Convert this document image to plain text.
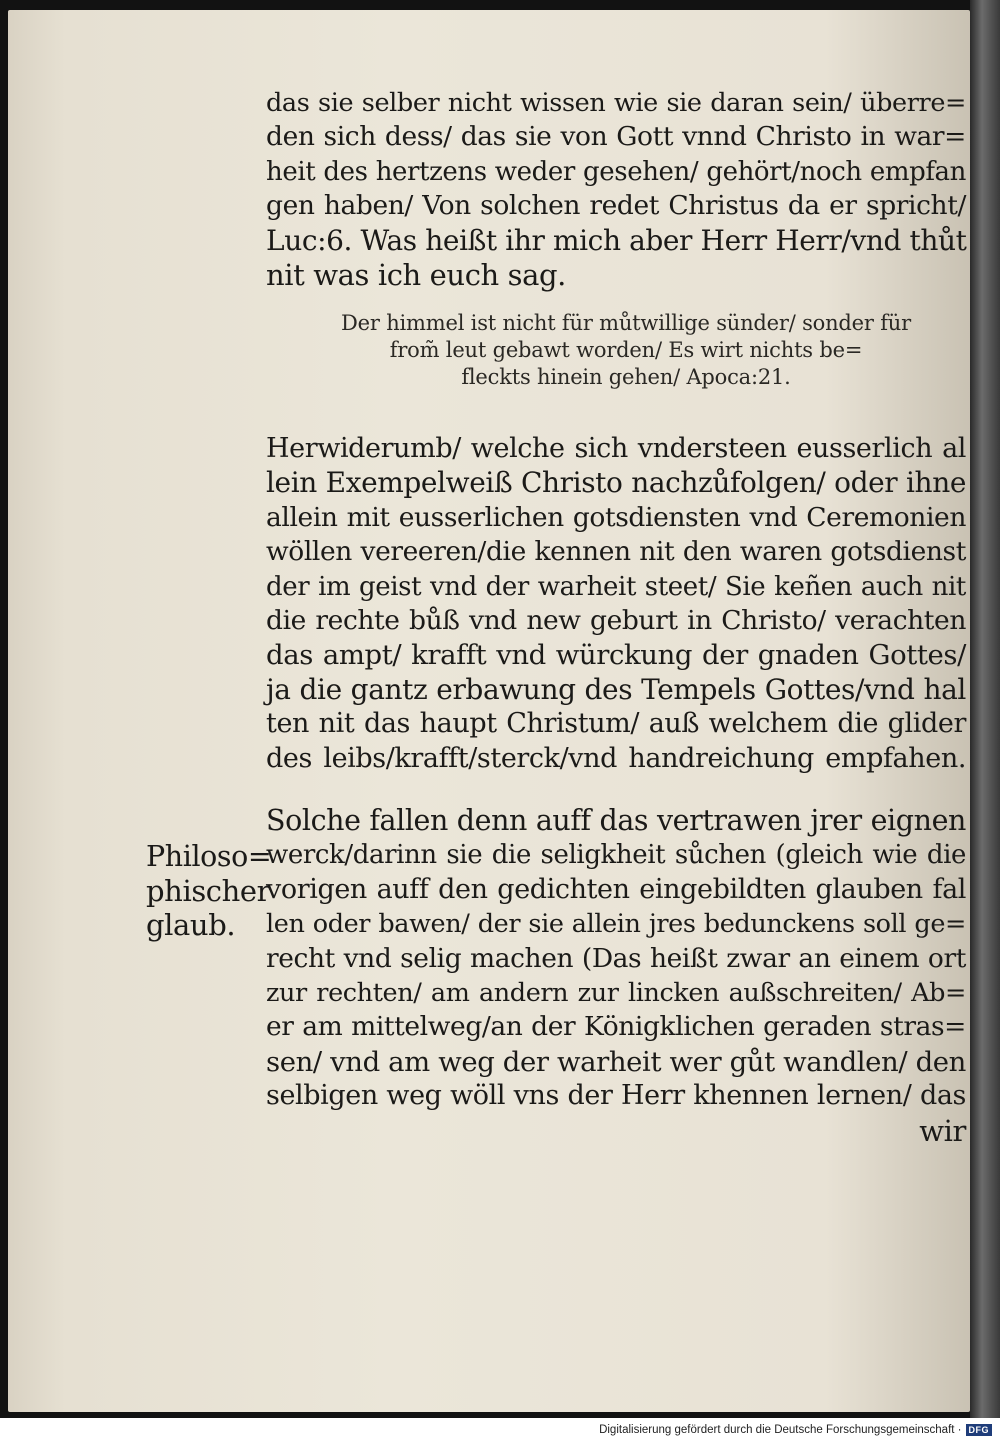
das sie selber nicht wissen wie sie daran sein/ überre=
den sich dess/ das sie von Gott vnnd Christo in war=
heit des hertzens weder gesehen/ gehört/noch empfan
gen haben/ Von solchen redet Christus da er spricht/
Luc:6. Was heißt ihr mich aber Herr Herr/vnd thůt
nit was ich euch sag.
Herwiderumb/ welche sich vndersteen eusserlich al
lein Exempelweiß Christo nachzůfolgen/ oder ihne
allein mit eusserlichen gotsdiensten vnd Ceremonien
wöllen vereeren/die kennen nit den waren gotsdienst
der im geist vnd der warheit steet/ Sie keñen auch nit
die rechte bůß vnd new geburt in Christo/ verachten
das ampt/ krafft vnd würckung der gnaden Gottes/
ja die gantz erbawung des Tempels Gottes/vnd hal
ten nit das haupt Christum/ auß welchem die glider
des leibs/krafft/sterck/vnd handreichung empfahen.
Solche fallen denn auff das vertrawen jrer eignen
werck/darinn sie die seligkheit sůchen (gleich wie die
vorigen auff den gedichten eingebildten glauben fal
len oder bawen/ der sie allein jres bedunckens soll ge=
recht vnd selig machen (Das heißt zwar an einem ort
zur rechten/ am andern zur lincken außschreiten/ Ab=
er am mittelweg/an der Königklichen geraden stras=
sen/ vnd am weg der warheit wer gůt wandlen/ den
selbigen weg wöll vns der Herr khennen lernen/ das
wir
Der himmel ist nicht für můtwillige sünder/ sonder für
from̃ leut gebawt worden/ Es wirt nichts be=
fleckts hinein gehen/ Apoca:21.
Philoso=
phischer
glaub.
Digitalisierung gefördert durch die Deutsche Forschungsgemeinschaft · DFG
